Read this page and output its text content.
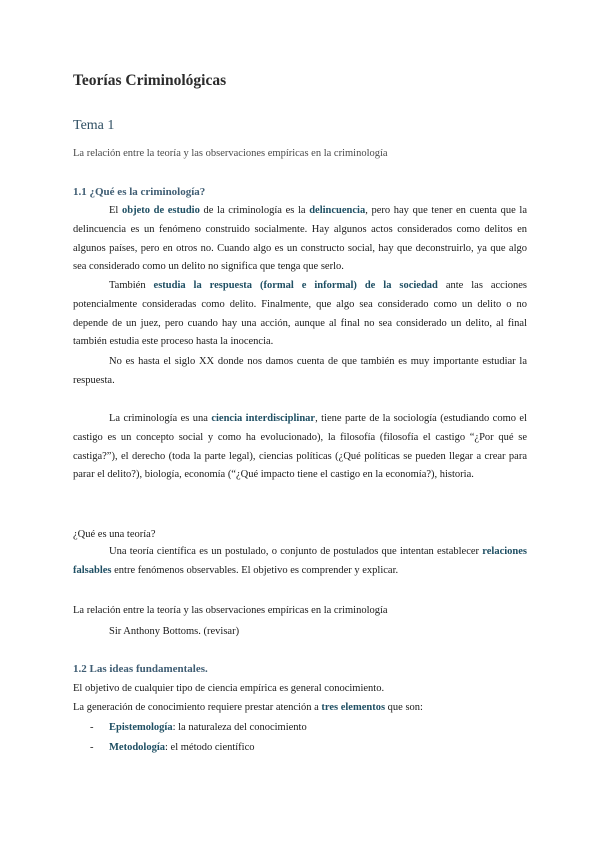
Teorías Criminológicas
Tema 1
La relación entre la teoría y las observaciones empíricas en la criminología
1.1 ¿Qué es la criminología?
El objeto de estudio de la criminología es la delincuencia, pero hay que tener en cuenta que la delincuencia es un fenómeno construido socialmente. Hay algunos actos considerados como delitos en algunos países, pero en otros no. Cuando algo es un constructo social, hay que deconstruirlo, ya que algo sea considerado como un delito no significa que tenga que serlo.
También estudia la respuesta (formal e informal) de la sociedad ante las acciones potencialmente consideradas como delito. Finalmente, que algo sea considerado como un delito o no depende de un juez, pero cuando hay una acción, aunque al final no sea considerado un delito, al final también estudia este proceso hasta la inocencia.
No es hasta el siglo XX donde nos damos cuenta de que también es muy importante estudiar la respuesta.
La criminología es una ciencia interdisciplinar, tiene parte de la sociología (estudiando como el castigo es un concepto social y como ha evolucionado), la filosofía (filosofía el castigo “¿Por qué se castiga?”), el derecho (toda la parte legal), ciencias políticas (¿Qué políticas se pueden llegar a crear para parar el delito?), biología, economía (“¿Qué impacto tiene el castigo en la economía?), historia.
¿Qué es una teoría?
Una teoría científica es un postulado, o conjunto de postulados que intentan establecer relaciones falsables entre fenómenos observables. El objetivo es comprender y explicar.
La relación entre la teoría y las observaciones empíricas en la criminología
Sir Anthony Bottoms. (revisar)
1.2 Las ideas fundamentales.
El objetivo de cualquier tipo de ciencia empírica es general conocimiento.
La generación de conocimiento requiere prestar atención a tres elementos que son:
- Epistemología: la naturaleza del conocimiento
- Metodología: el método científico
